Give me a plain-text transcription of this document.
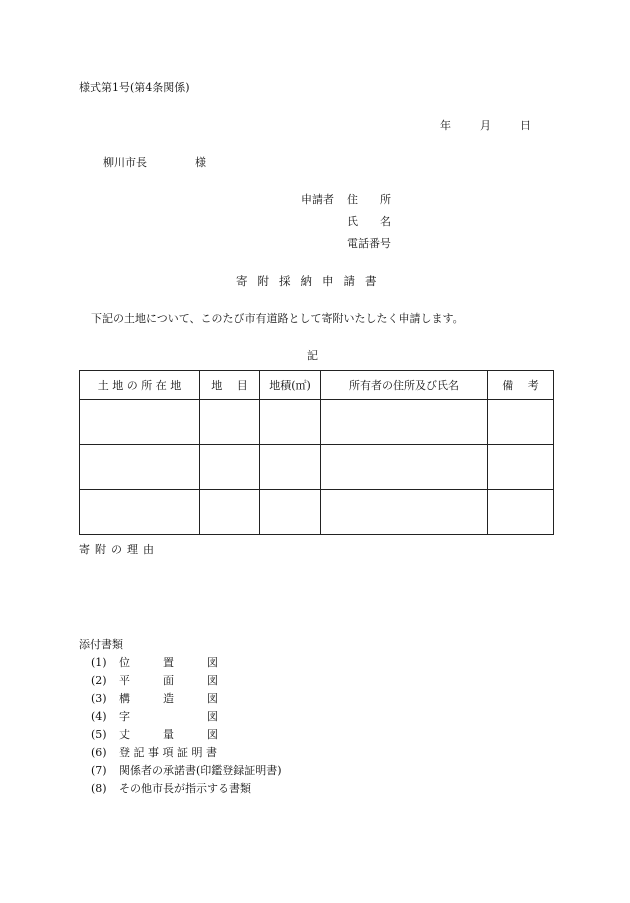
様式第1号(第4条関係)
年	月	日
柳川市長	様
申請者 住　　所
氏　　名
電話番号
寄附採納申請書
下記の土地について、このたび市有道路として寄附いたしたく申請します。
記
土 地 の 所 在 地	地　 目	地積(㎡)	所有者の住所及び氏名	備　 考

寄附の理由
添付書類
(1) 位　　　置　　　図
(2) 平　　　面　　　図
(3) 構　　　造　　　図
(4) 字　　　　　　　図
(5) 丈　　　量　　　図
(6) 登 記 事 項 証 明 書
(7) 関係者の承諾書(印鑑登録証明書)
(8) その他市長が指示する書類
